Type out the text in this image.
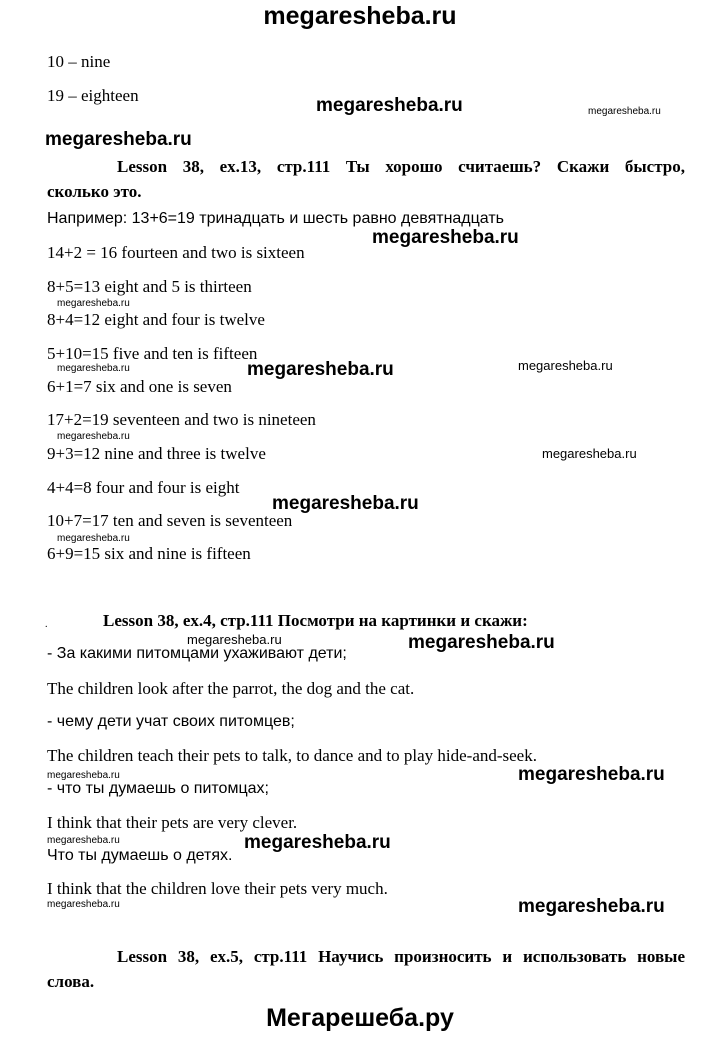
megaresheba.ru
10 – nine
19 – eighteen
Lesson 38, ex.13, стр.111 Ты хорошо считаешь? Скажи быстро,
сколько это.
Например: 13+6=19 тринадцать и шесть равно девятнадцать
14+2 = 16 fourteen and two is sixteen
8+5=13 eight and 5 is thirteen
8+4=12 eight and four is twelve
5+10=15 five and ten is fifteen
6+1=7 six and one is seven
17+2=19 seventeen and two is nineteen
9+3=12 nine and three is twelve
4+4=8 four and four is eight
10+7=17 ten and seven is seventeen
6+9=15 six and nine is fifteen
.	Lesson 38, ex.4, стр.111 Посмотри на картинки и скажи:
- За какими питомцами ухаживают дети;
The children look after the parrot, the dog and the cat.
- чему дети учат своих питомцев;
The children teach their pets to talk, to dance and to play hide-and-seek.
- что ты думаешь о питомцах;
I think that their pets are very clever.
Что ты думаешь о детях.
I think that the children love their pets very much.
Lesson 38, ex.5, стр.111 Научись произносить и использовать новые
слова.
megaresheba.ru	megaresheba.ru
megaresheba.ru
megaresheba.ru
megaresheba.ru
megaresheba.ru	megaresheba.ru	megaresheba.ru
megaresheba.ru
megaresheba.ru
megaresheba.ru
megaresheba.ru
megaresheba.ru	megaresheba.ru
megaresheba.ru	megaresheba.ru
megaresheba.ru	megaresheba.ru
megaresheba.ru	megaresheba.ru
Мегарешеба.ру
